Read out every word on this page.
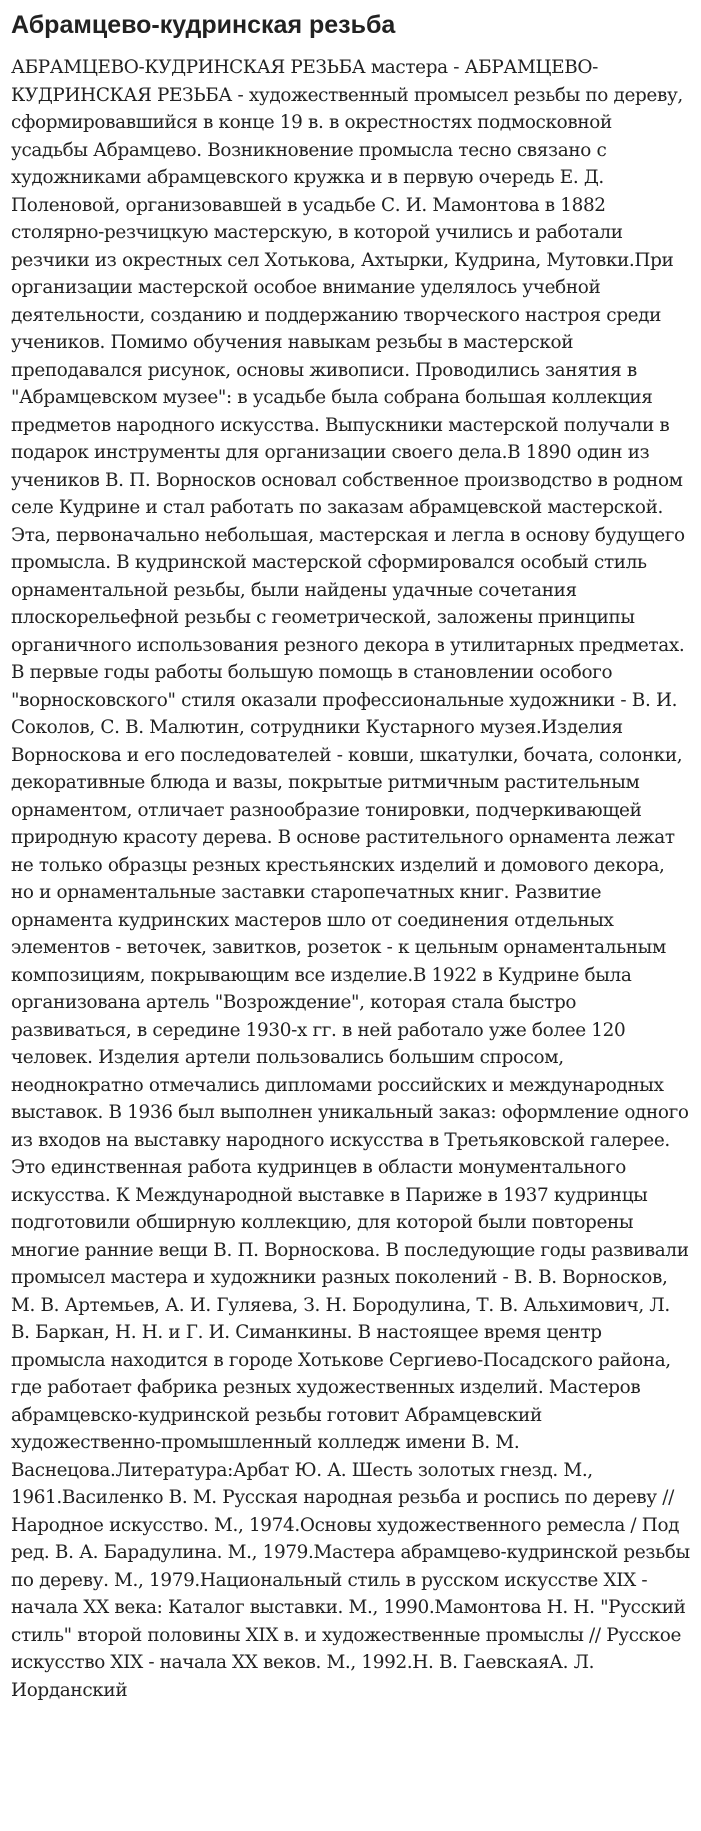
Абрамцево-кудринская резьба

АБРАМЦЕВО-КУДРИНСКАЯ РЕЗЬБА мастера - АБРАМЦЕВО-КУДРИНСКАЯ РЕЗЬБА - художественный промысел резьбы по дереву, сформировавшийся в конце 19 в. в окрестностях подмосковной усадьбы Абрамцево. Возникновение промысла тесно связано с художниками абрамцевского кружка и в первую очередь Е. Д. Поленовой, организовавшей в усадьбе С. И. Мамонтова в 1882 столярно-резчицкую мастерскую, в которой учились и работали резчики из окрестных сел Хотькова, Ахтырки, Кудрина, Мутовки.При организации мастерской особое внимание уделялось учебной деятельности, созданию и поддержанию творческого настроя среди учеников. Помимо обучения навыкам резьбы в мастерской преподавался рисунок, основы живописи. Проводились занятия в "Абрамцевском музее": в усадьбе была собрана большая коллекция предметов народного искусства. Выпускники мастерской получали в подарок инструменты для организации своего дела.В 1890 один из учеников В. П. Ворносков основал собственное производство в родном селе Кудрине и стал работать по заказам абрамцевской мастерской. Эта, первоначально небольшая, мастерская и легла в основу будущего промысла. В кудринской мастерской сформировался особый стиль орнаментальной резьбы, были найдены удачные сочетания плоскорельефной резьбы с геометрической, заложены принципы органичного использования резного декора в утилитарных предметах. В первые годы работы большую помощь в становлении особого "ворносковского" стиля оказали профессиональные художники - В. И. Соколов, С. В. Малютин, сотрудники Кустарного музея.Изделия Ворноскова и его последователей - ковши, шкатулки, бочата, солонки, декоративные блюда и вазы, покрытые ритмичным растительным орнаментом, отличает разнообразие тонировки, подчеркивающей природную красоту дерева. В основе растительного орнамента лежат не только образцы резных крестьянских изделий и домового декора, но и орнаментальные заставки старопечатных книг. Развитие орнамента кудринских мастеров шло от соединения отдельных элементов - веточек, завитков, розеток - к цельным орнаментальным композициям, покрывающим все изделие.В 1922 в Кудрине была организована артель "Возрождение", которая стала быстро развиваться, в середине 1930-х гг. в ней работало уже более 120 человек. Изделия артели пользовались большим спросом, неоднократно отмечались дипломами российских и международных выставок. В 1936 был выполнен уникальный заказ: оформление одного из входов на выставку народного искусства в Третьяковской галерее. Это единственная работа кудринцев в области монументального искусства. К Международной выставке в Париже в 1937 кудринцы подготовили обширную коллекцию, для которой были повторены многие ранние вещи В. П. Ворноскова. В последующие годы развивали промысел мастера и художники разных поколений - В. В. Ворносков, М. В. Артемьев, А. И. Гуляева, З. Н. Бородулина, Т. В. Альхимович, Л. В. Баркан, Н. Н. и Г. И. Симанкины. В настоящее время центр промысла находится в городе Хотькове Сергиево-Посадского района, где работает фабрика резных художественных изделий. Мастеров абрамцевско-кудринской резьбы готовит Абрамцевский художественно-промышленный колледж имени В. М. Васнецова.Литература:Арбат Ю. А. Шесть золотых гнезд. М., 1961.Василенко В. М. Русская народная резьба и роспись по дереву // Народное искусство. М., 1974.Основы художественного ремесла / Под ред. В. А. Барадулина. М., 1979.Мастера абрамцево-кудринской резьбы по дереву. М., 1979.Национальный стиль в русском искусстве XIX - начала XX века: Каталог выставки. М., 1990.Мамонтова Н. Н. "Русский стиль" второй половины XIX в. и художественные промыслы // Русское искусство XIX - начала XX веков. М., 1992.Н. В. ГаевскаяА. Л. Иорданский
